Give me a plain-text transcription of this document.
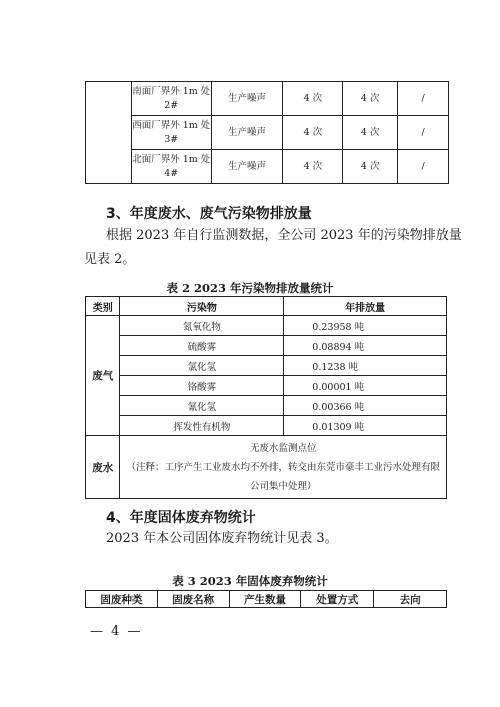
	南面厂界外 1m 处 2#	生产噪声	4 次	4 次	/
	西面厂界外 1m 处 3#	生产噪声	4 次	4 次	/
	北面厂界外 1m 处 4#	生产噪声	4 次	4 次	/
3、年度废水、废气污染物排放量
根据 2023 年自行监测数据，全公司 2023 年的污染物排放量
见表 2。
表 2 2023 年污染物排放量统计
类别	污染物	年排放量
废气	氮氧化物	0.23958 吨
	硫酸雾	0.08894 吨
	氯化氢	0.1238 吨
	铬酸雾	0.00001 吨
	氰化氢	0.00366 吨
	挥发性有机物	0.01309 吨
废水	无废水监测点位
（注释：工序产生工业废水均不外排，转交由东莞市豪丰工业污水处理有限
公司集中处理）	
4、年度固体废弃物统计
2023 年本公司固体废弃物统计见表 3。
表 3 2023 年固体废弃物统计
固废种类	固废名称	产生数量	处置方式	去向
— 4 —
